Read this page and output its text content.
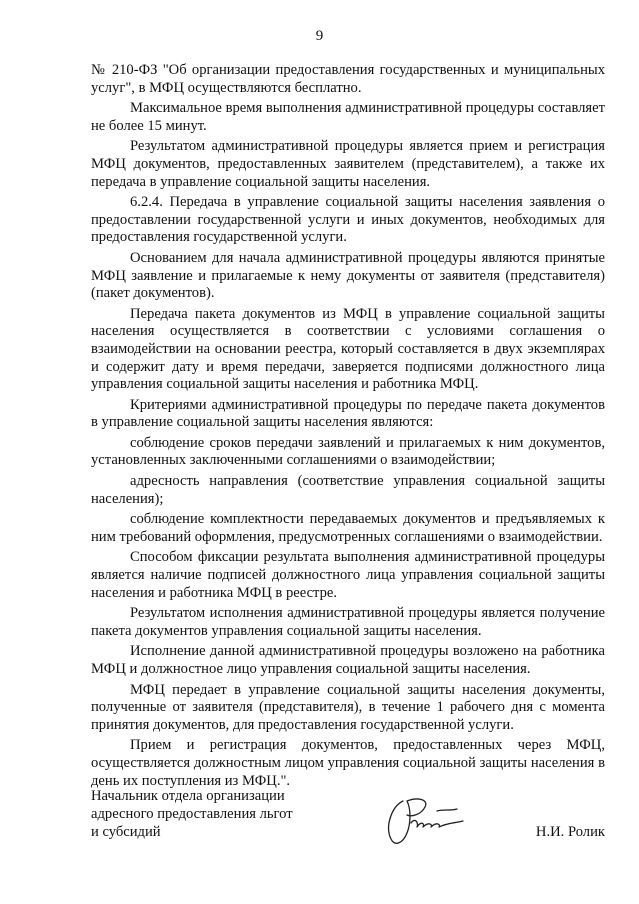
9

№ 210-ФЗ "Об организации предоставления государственных и муниципальных услуг", в МФЦ осуществляются бесплатно.

Максимальное время выполнения административной процедуры составляет не более 15 минут.

Результатом административной процедуры является прием и регистрация МФЦ документов, предоставленных заявителем (представителем), а также их передача в управление социальной защиты населения.

6.2.4. Передача в управление социальной защиты населения заявления о предоставлении государственной услуги и иных документов, необходимых для предоставления государственной услуги.

Основанием для начала административной процедуры являются принятые МФЦ заявление и прилагаемые к нему документы от заявителя (представителя) (пакет документов).

Передача пакета документов из МФЦ в управление социальной защиты населения осуществляется в соответствии с условиями соглашения о взаимодействии на основании реестра, который составляется в двух экземплярах и содержит дату и время передачи, заверяется подписями должностного лица управления социальной защиты населения и работника МФЦ.

Критериями административной процедуры по передаче пакета документов в управление социальной защиты населения являются:

соблюдение сроков передачи заявлений и прилагаемых к ним документов, установленных заключенными соглашениями о взаимодействии;

адресность направления (соответствие управления социальной защиты населения);

соблюдение комплектности передаваемых документов и предъявляемых к ним требований оформления, предусмотренных соглашениями о взаимодействии.

Способом фиксации результата выполнения административной процедуры является наличие подписей должностного лица управления социальной защиты населения и работника МФЦ в реестре.

Результатом исполнения административной процедуры является получение пакета документов управления социальной защиты населения.

Исполнение данной административной процедуры возложено на работника МФЦ и должностное лицо управления социальной защиты населения.

МФЦ передает в управление социальной защиты населения документы, полученные от заявителя (представителя), в течение 1 рабочего дня с момента принятия документов, для предоставления государственной услуги.

Прием и регистрация документов, предоставленных через МФЦ, осуществляется должностным лицом управления социальной защиты населения в день их поступления из МФЦ.".

Начальник отдела организации
адресного предоставления льгот
и субсидий	Н.И. Ролик
